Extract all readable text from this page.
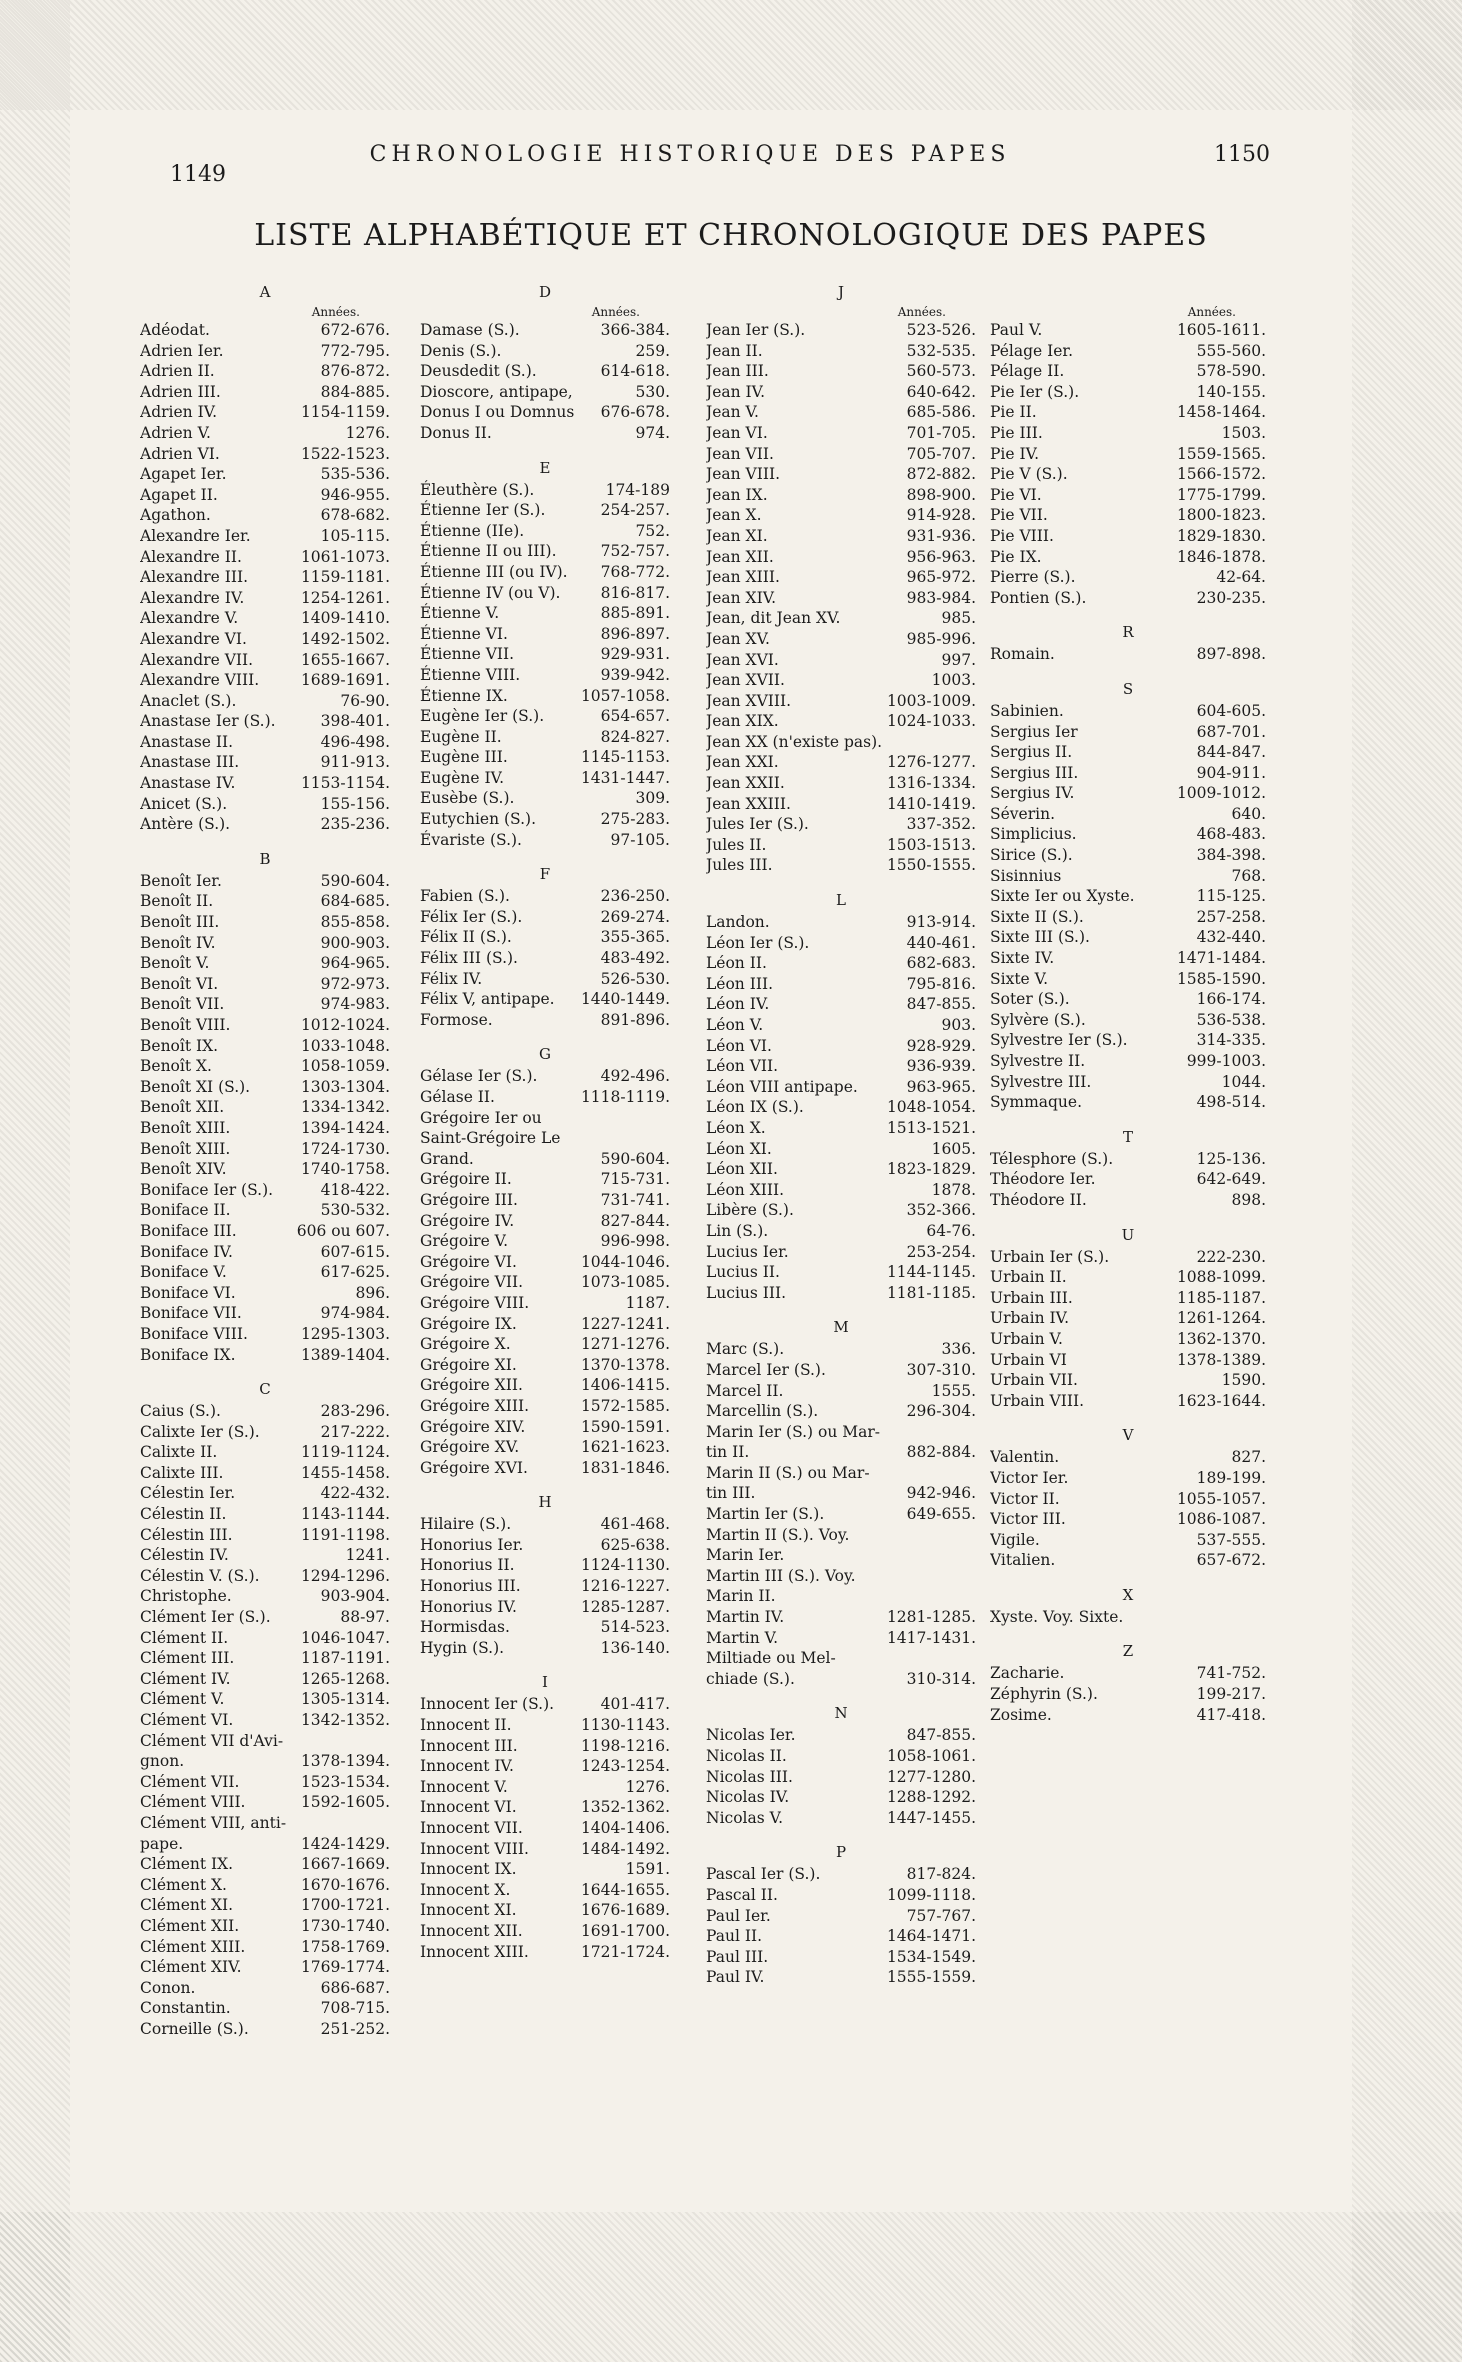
1149
CHRONOLOGIE HISTORIQUE DES PAPES	1150
LISTE ALPHABÉTIQUE ET CHRONOLOGIQUE DES PAPES
A
Années.
Adéodat.	672-676.
Adrien Ier.	772-795.
Adrien II.	876-872.
Adrien III.	884-885.
Adrien IV.	1154-1159.
Adrien V.	1276.
Adrien VI.	1522-1523.
Agapet Ier.	535-536.
Agapet II.	946-955.
Agathon.	678-682.
Alexandre Ier.	105-115.
Alexandre II.	1061-1073.
Alexandre III.	1159-1181.
Alexandre IV.	1254-1261.
Alexandre V.	1409-1410.
Alexandre VI.	1492-1502.
Alexandre VII.	1655-1667.
Alexandre VIII.	1689-1691.
Anaclet (S.).	76-90.
Anastase Ier (S.).	398-401.
Anastase II.	496-498.
Anastase III.	911-913.
Anastase IV.	1153-1154.
Anicet (S.).	155-156.
Antère (S.).	235-236.
B
Benoît Ier.	590-604.
Benoît II.	684-685.
Benoît III.	855-858.
Benoît IV.	900-903.
Benoît V.	964-965.
Benoît VI.	972-973.
Benoît VII.	974-983.
Benoît VIII.	1012-1024.
Benoît IX.	1033-1048.
Benoît X.	1058-1059.
Benoît XI (S.).	1303-1304.
Benoît XII.	1334-1342.
Benoît XIII.	1394-1424.
Benoît XIII.	1724-1730.
Benoît XIV.	1740-1758.
Boniface Ier (S.).	418-422.
Boniface II.	530-532.
Boniface III.	606 ou 607.
Boniface IV.	607-615.
Boniface V.	617-625.
Boniface VI.	896.
Boniface VII.	974-984.
Boniface VIII.	1295-1303.
Boniface IX.	1389-1404.
C
Caius (S.).	283-296.
Calixte Ier (S.).	217-222.
Calixte II.	1119-1124.
Calixte III.	1455-1458.
Célestin Ier.	422-432.
Célestin II.	1143-1144.
Célestin III.	1191-1198.
Célestin IV.	1241.
Célestin V. (S.).	1294-1296.
Christophe.	903-904.
Clément Ier (S.).	88-97.
Clément II.	1046-1047.
Clément III.	1187-1191.
Clément IV.	1265-1268.
Clément V.	1305-1314.
Clément VI.	1342-1352.
Clément VII d'Avi-
gnon.	1378-1394.
Clément VII.	1523-1534.
Clément VIII.	1592-1605.
Clément VIII, anti-
pape.	1424-1429.
Clément IX.	1667-1669.
Clément X.	1670-1676.
Clément XI.	1700-1721.
Clément XII.	1730-1740.
Clément XIII.	1758-1769.
Clément XIV.	1769-1774.
Conon.	686-687.
Constantin.	708-715.
Corneille (S.).	251-252.
D
Années.
Damase (S.).	366-384.
Denis (S.).	259.
Deusdedit (S.).	614-618.
Dioscore, antipape,	530.
Donus I ou Domnus 676-678.
Donus II.	974.
E
Éleuthère (S.).	174-189
Étienne Ier (S.).	254-257.
Étienne (IIe).	752.
Étienne II ou III).	752-757.
Étienne III (ou IV). 768-772.
Étienne IV (ou V).	816-817.
Étienne V.	885-891.
Étienne VI.	896-897.
Étienne VII.	929-931.
Étienne VIII.	939-942.
Étienne IX.	1057-1058.
Eugène Ier (S.).	654-657.
Eugène II.	824-827.
Eugène III.	1145-1153.
Eugène IV.	1431-1447.
Eusèbe (S.).	309.
Eutychien (S.).	275-283.
Évariste (S.).	97-105.
F
Fabien (S.).	236-250.
Félix Ier (S.).	269-274.
Félix II (S.).	355-365.
Félix III (S.).	483-492.
Félix IV.	526-530.
Félix V, antipape. 1440-1449.
Formose.	891-896.
G
Gélase Ier (S.).	492-496.
Gélase II.	1118-1119.
Grégoire Ier ou
Saint-Grégoire Le
Grand.	590-604.
Grégoire II.	715-731.
Grégoire III.	731-741.
Grégoire IV.	827-844.
Grégoire V.	996-998.
Grégoire VI.	1044-1046.
Grégoire VII.	1073-1085.
Grégoire VIII.	1187.
Grégoire IX.	1227-1241.
Grégoire X.	1271-1276.
Grégoire XI.	1370-1378.
Grégoire XII.	1406-1415.
Grégoire XIII.	1572-1585.
Grégoire XIV.	1590-1591.
Grégoire XV.	1621-1623.
Grégoire XVI.	1831-1846.
H
Hilaire (S.).	461-468.
Honorius Ier.	625-638.
Honorius II.	1124-1130.
Honorius III.	1216-1227.
Honorius IV.	1285-1287.
Hormisdas.	514-523.
Hygin (S.).	136-140.
I
Innocent Ier (S.).	401-417.
Innocent II.	1130-1143.
Innocent III.	1198-1216.
Innocent IV.	1243-1254.
Innocent V.	1276.
Innocent VI.	1352-1362.
Innocent VII.	1404-1406.
Innocent VIII.	1484-1492.
Innocent IX.	1591.
Innocent X.	1644-1655.
Innocent XI.	1676-1689.
Innocent XII.	1691-1700.
Innocent XIII.	1721-1724.
J
Années.
Jean Ier (S.).	523-526.
Jean II.	532-535.
Jean III.	560-573.
Jean IV.	640-642.
Jean V.	685-586.
Jean VI.	701-705.
Jean VII.	705-707.
Jean VIII.	872-882.
Jean IX.	898-900.
Jean X.	914-928.
Jean XI.	931-936.
Jean XII.	956-963.
Jean XIII.	965-972.
Jean XIV.	983-984.
Jean, dit Jean XV.	985.
Jean XV.	985-996.
Jean XVI.	997.
Jean XVII.	1003.
Jean XVIII.	1003-1009.
Jean XIX.	1024-1033.
Jean XX (n'existe pas).
Jean XXI.	1276-1277.
Jean XXII.	1316-1334.
Jean XXIII.	1410-1419.
Jules Ier (S.).	337-352.
Jules II.	1503-1513.
Jules III.	1550-1555.
L
Landon.	913-914.
Léon Ier (S.).	440-461.
Léon II.	682-683.
Léon III.	795-816.
Léon IV.	847-855.
Léon V.	903.
Léon VI.	928-929.
Léon VII.	936-939.
Léon VIII antipape.	963-965.
Léon IX (S.).	1048-1054.
Léon X.	1513-1521.
Léon XI.	1605.
Léon XII.	1823-1829.
Léon XIII.	1878.
Libère (S.).	352-366.
Lin (S.).	64-76.
Lucius Ier.	253-254.
Lucius II.	1144-1145.
Lucius III.	1181-1185.
M
Marc (S.).	336.
Marcel Ier (S.).	307-310.
Marcel II.	1555.
Marcellin (S.).	296-304.
Marin Ier (S.) ou Mar-
tin II.	882-884.
Marin II (S.) ou Mar-
tin III.	942-946.
Martin Ier (S.).	649-655.
Martin II (S.). Voy.
Marin Ier.
Martin III (S.). Voy.
Marin II.
Martin IV.	1281-1285.
Martin V.	1417-1431.
Miltiade ou Mel-
chiade (S.).	310-314.
N
Nicolas Ier.	847-855.
Nicolas II.	1058-1061.
Nicolas III.	1277-1280.
Nicolas IV.	1288-1292.
Nicolas V.	1447-1455.
P
Pascal Ier (S.).	817-824.
Pascal II.	1099-1118.
Paul Ier.	757-767.
Paul II.	1464-1471.
Paul III.	1534-1549.
Paul IV.	1555-1559.
Années.
Paul V.	1605-1611.
Pélage Ier.	555-560.
Pélage II.	578-590.
Pie Ier (S.).	140-155.
Pie II.	1458-1464.
Pie III.	1503.
Pie IV.	1559-1565.
Pie V (S.).	1566-1572.
Pie VI.	1775-1799.
Pie VII.	1800-1823.
Pie VIII.	1829-1830.
Pie IX.	1846-1878.
Pierre (S.).	42-64.
Pontien (S.).	230-235.
R
Romain.	897-898.
S
Sabinien.	604-605.
Sergius Ier	687-701.
Sergius II.	844-847.
Sergius III.	904-911.
Sergius IV.	1009-1012.
Séverin.	640.
Simplicius.	468-483.
Sirice (S.).	384-398.
Sisinnius	768.
Sixte Ier ou Xyste.	115-125.
Sixte II (S.).	257-258.
Sixte III (S.).	432-440.
Sixte IV.	1471-1484.
Sixte V.	1585-1590.
Soter (S.).	166-174.
Sylvère (S.).	536-538.
Sylvestre Ier (S.).	314-335.
Sylvestre II.	999-1003.
Sylvestre III.	1044.
Symmaque.	498-514.
T
Télesphore (S.).	125-136.
Théodore Ier.	642-649.
Théodore II.	898.
U
Urbain Ier (S.).	222-230.
Urbain II.	1088-1099.
Urbain III.	1185-1187.
Urbain IV.	1261-1264.
Urbain V.	1362-1370.
Urbain VI	1378-1389.
Urbain VII.	1590.
Urbain VIII.	1623-1644.
V
Valentin.	827.
Victor Ier.	189-199.
Victor II.	1055-1057.
Victor III.	1086-1087.
Vigile.	537-555.
Vitalien.	657-672.
X
Xyste. Voy. Sixte.
Z
Zacharie.	741-752.
Zéphyrin (S.).	199-217.
Zosime.	417-418.
